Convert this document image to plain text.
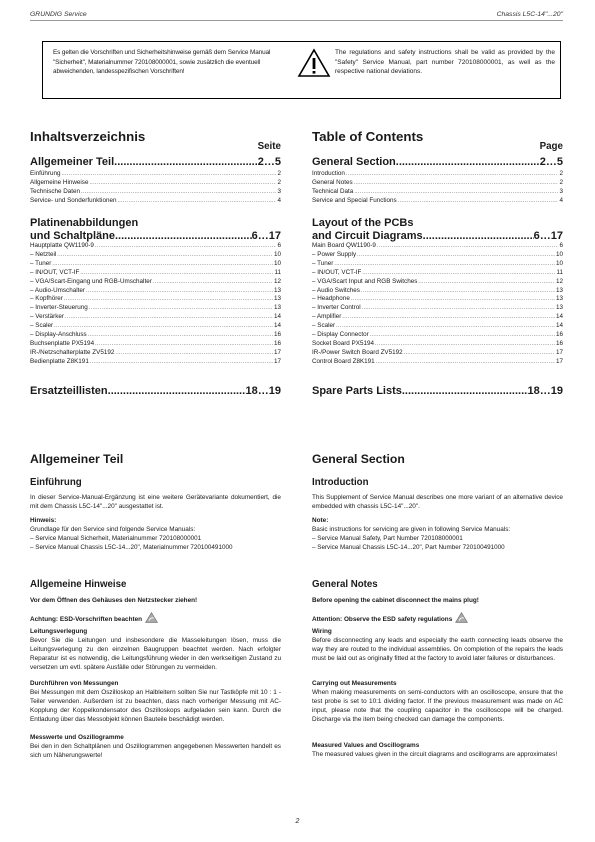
GRUNDIG Service	Chassis L5C-14"...20"
Es gelten die Vorschriften und Sicherheitshinweise gemäß dem Service Manual "Sicherheit", Materialnummer 720108000001, sowie zusätzlich die eventuell abweichenden, landesspezifischen Vorschriften!
The regulations and safety instructions shall be valid as provided by the "Safety" Service Manual, part number 720108000001, as well as the respective national deviations.
Inhaltsverzeichnis
Seite
Allgemeiner Teil .....	2…5
Einführung .....	2
Allgemeine Hinweise .....	2
Technische Daten .....	3
Service- und Sonderfunktionen .....	4
Platinenabbildungen
und Schaltpläne .....	6…17
Hauptplatte QW1190-9 .....	6
– Netzteil .....	10
– Tuner .....	10
– IN/OUT, VCT-IF .....	11
– VGA/Scart-Eingang und RGB-Umschalter .....	12
– Audio-Umschalter .....	13
– Kopfhörer .....	13
– Inverter-Steuerung .....	13
– Verstärker .....	14
– Scaler .....	14
– Display-Anschluss .....	16
Buchsenplatte PX5194 .....	16
IR-/Netzschalterplatte ZV5192 .....	17
Bedienplatte Z8K191 .....	17
Ersatzteillisten .....	18…19
Allgemeiner Teil
Einführung
In dieser Service-Manual-Ergänzung ist eine weitere Gerätevariante dokumentiert, die mit dem Chassis L5C-14"...20" ausgestattet ist.
Hinweis:
Grundlage für den Service sind folgende Service Manuals:
– Service Manual Sicherheit, Materialnummer 720108000001
– Service Manual Chassis L5C-14...20", Materialnummer 720100491000
Allgemeine Hinweise
Vor dem Öffnen des Gehäuses den Netzstecker ziehen!
Achtung: ESD-Vorschriften beachten
Leitungsverlegung
Bevor Sie die Leitungen und insbesondere die Masseleitungen lösen, muss die Leitungsverlegung zu den einzelnen Baugruppen beachtet werden. Nach erfolgter Reparatur ist es notwendig, die Leitungsführung wieder in den werkseitigen Zustand zu versetzen um evtl. spätere Ausfälle oder Störungen zu vermeiden.
Durchführen von Messungen
Bei Messungen mit dem Oszilloskop an Halbleitern sollten Sie nur Tastköpfe mit 10 : 1 - Teiler verwenden. Außerdem ist zu beachten, dass nach vorheriger Messung mit AC-Kopplung der Koppelkondensator des Oszilloskops aufgeladen sein kann. Durch die Entladung über das Messobjekt können Bauteile beschädigt werden.
Messwerte und Oszillogramme
Bei den in den Schaltplänen und Oszillogrammen angegebenen Messwerten handelt es sich um Näherungswerte!
Table of Contents
Page
General Section .....	2…5
Introduction .....	2
General Notes .....	2
Technical Data .....	3
Service and Special Functions .....	4
Layout of the PCBs
and Circuit Diagrams .....	6…17
Main Board QW1190-9 .....	6
– Power Supply .....	10
– Tuner .....	10
– IN/OUT, VCT-IF .....	11
– VGA/Scart Input and RGB Switches .....	12
– Audio Switches .....	13
– Headphone .....	13
– Inverter Control .....	13
– Amplifier .....	14
– Scaler .....	14
– Display Connector .....	16
Socket Board PX5194 .....	16
IR-/Power Switch Board ZV5192 .....	17
Control Board Z8K191 .....	17
Spare Parts Lists .....	18…19
General Section
Introduction
This Supplement of Service Manual describes one more variant of an alternative device embedded with chassis L5C-14"...20".
Note:
Basic instructions for servicing are given in following Service Manuals:
– Service Manual Safety, Part Number 720108000001
– Service Manual Chassis L5C-14...20", Part Number 720100491000
General Notes
Before opening the cabinet disconnect the mains plug!
Attention: Observe the ESD safety regulations
Wiring
Before disconnecting any leads and especially the earth connecting leads observe the way they are routed to the individual assemblies. On completion of the repairs the leads must be laid out as originally fitted at the factory to avoid later failures or disturbances.
Carrying out Measurements
When making measurements on semi-conductors with an oscilloscope, ensure that the test probe is set to 10:1 dividing factor. If the previous measurement was made on AC input, please note that the coupling capacitor in the oscilloscope will be charged. Discharge via the item being checked can damage the components.
Measured Values and Oscillograms
The measured values given in the circuit diagrams and oscillograms are approximates!
2
